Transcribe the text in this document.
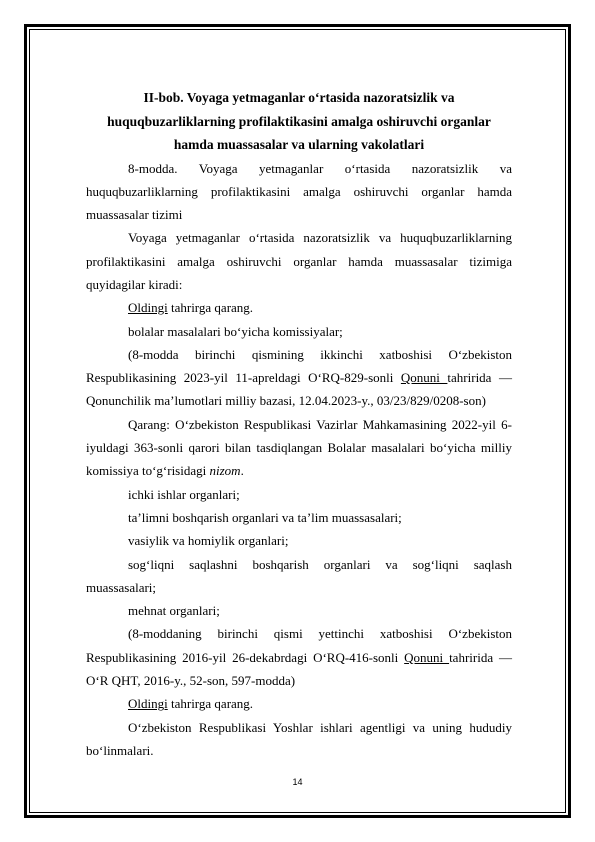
II-bob. Voyaga yetmaganlar o‘rtasida nazoratsizlik va huquqbuzarliklarning profilaktikasini amalga oshiruvchi organlar hamda muassasalar va ularning vakolatlari

8-modda. Voyaga yetmaganlar o‘rtasida nazoratsizlik va huquqbuzarliklarning profilaktikasini amalga oshiruvchi organlar hamda muassasalar tizimi

Voyaga yetmaganlar o‘rtasida nazoratsizlik va huquqbuzarliklarning profilaktikasini amalga oshiruvchi organlar hamda muassasalar tizimiga quyidagilar kiradi:

Oldingi tahrirga qarang.

bolalar masalalari bo‘yicha komissiyalar;

(8-modda birinchi qismining ikkinchi xatboshisi O‘zbekiston Respublikasining 2023-yil 11-apreldagi O‘RQ-829-sonli Qonuni tahririda — Qonunchilik ma’lumotlari milliy bazasi, 12.04.2023-y., 03/23/829/0208-son)

Qarang: O‘zbekiston Respublikasi Vazirlar Mahkamasining 2022-yil 6-iyuldagi 363-sonli qarori bilan tasdiqlangan Bolalar masalalari bo‘yicha milliy komissiya to‘g‘risidagi nizom.

ichki ishlar organlari;

ta’limni boshqarish organlari va ta’lim muassasalari;

vasiylik va homiylik organlari;

sog‘liqni saqlashni boshqarish organlari va sog‘liqni saqlash muassasalari;

mehnat organlari;

(8-moddaning birinchi qismi yettinchi xatboshisi O‘zbekiston Respublikasining 2016-yil 26-dekabrdagi O‘RQ-416-sonli Qonuni tahririda — O‘R QHT, 2016-y., 52-son, 597-modda)

Oldingi tahrirga qarang.

O‘zbekiston Respublikasi Yoshlar ishlari agentligi va uning hududiy bo‘linmalari.

14
